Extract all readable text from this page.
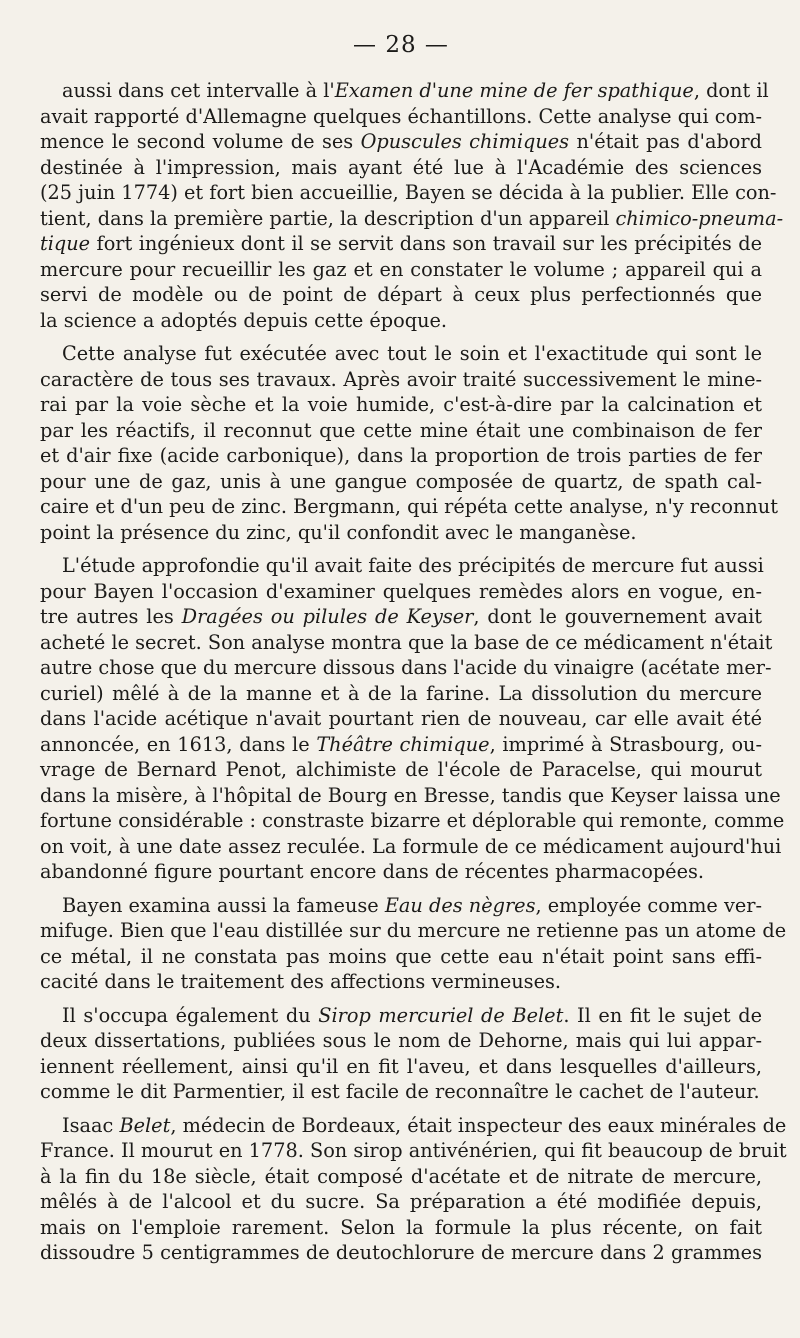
— 28 —

aussi dans cet intervalle à l'Examen d'une mine de fer spathique, dont il
avait rapporté d'Allemagne quelques échantillons. Cette analyse qui com-
mence le second volume de ses Opuscules chimiques n'était pas d'abord
destinée à l'impression, mais ayant été lue à l'Académie des sciences
(25 juin 1774) et fort bien accueillie, Bayen se décida à la publier. Elle con-
tient, dans la première partie, la description d'un appareil chimico-pneuma-
tique fort ingénieux dont il se servit dans son travail sur les précipités de
mercure pour recueillir les gaz et en constater le volume ; appareil qui a
servi de modèle ou de point de départ à ceux plus perfectionnés que
la science a adoptés depuis cette époque.

Cette analyse fut exécutée avec tout le soin et l'exactitude qui sont le
caractère de tous ses travaux. Après avoir traité successivement le mine-
rai par la voie sèche et la voie humide, c'est-à-dire par la calcination et
par les réactifs, il reconnut que cette mine était une combinaison de fer
et d'air fixe (acide carbonique), dans la proportion de trois parties de fer
pour une de gaz, unis à une gangue composée de quartz, de spath cal-
caire et d'un peu de zinc. Bergmann, qui répéta cette analyse, n'y reconnut
point la présence du zinc, qu'il confondit avec le manganèse.

L'étude approfondie qu'il avait faite des précipités de mercure fut aussi
pour Bayen l'occasion d'examiner quelques remèdes alors en vogue, en-
tre autres les Dragées ou pilules de Keyser, dont le gouvernement avait
acheté le secret. Son analyse montra que la base de ce médicament n'était
autre chose que du mercure dissous dans l'acide du vinaigre (acétate mer-
curiel) mêlé à de la manne et à de la farine. La dissolution du mercure
dans l'acide acétique n'avait pourtant rien de nouveau, car elle avait été
annoncée, en 1613, dans le Théâtre chimique, imprimé à Strasbourg, ou-
vrage de Bernard Penot, alchimiste de l'école de Paracelse, qui mourut
dans la misère, à l'hôpital de Bourg en Bresse, tandis que Keyser laissa une
fortune considérable : constraste bizarre et déplorable qui remonte, comme
on voit, à une date assez reculée. La formule de ce médicament aujourd'hui
abandonné figure pourtant encore dans de récentes pharmacopées.

Bayen examina aussi la fameuse Eau des nègres, employée comme ver-
mifuge. Bien que l'eau distillée sur du mercure ne retienne pas un atome de
ce métal, il ne constata pas moins que cette eau n'était point sans effi-
cacité dans le traitement des affections vermineuses.

Il s'occupa également du Sirop mercuriel de Belet. Il en fit le sujet de
deux dissertations, publiées sous le nom de Dehorne, mais qui lui appar-
iennent réellement, ainsi qu'il en fit l'aveu, et dans lesquelles d'ailleurs,
comme le dit Parmentier, il est facile de reconnaître le cachet de l'auteur.

Isaac Belet, médecin de Bordeaux, était inspecteur des eaux minérales de
France. Il mourut en 1778. Son sirop antivénérien, qui fit beaucoup de bruit
à la fin du 18e siècle, était composé d'acétate et de nitrate de mercure,
mêlés à de l'alcool et du sucre. Sa préparation a été modifiée depuis,
mais on l'emploie rarement. Selon la formule la plus récente, on fait
dissoudre 5 centigrammes de deutochlorure de mercure dans 2 grammes
